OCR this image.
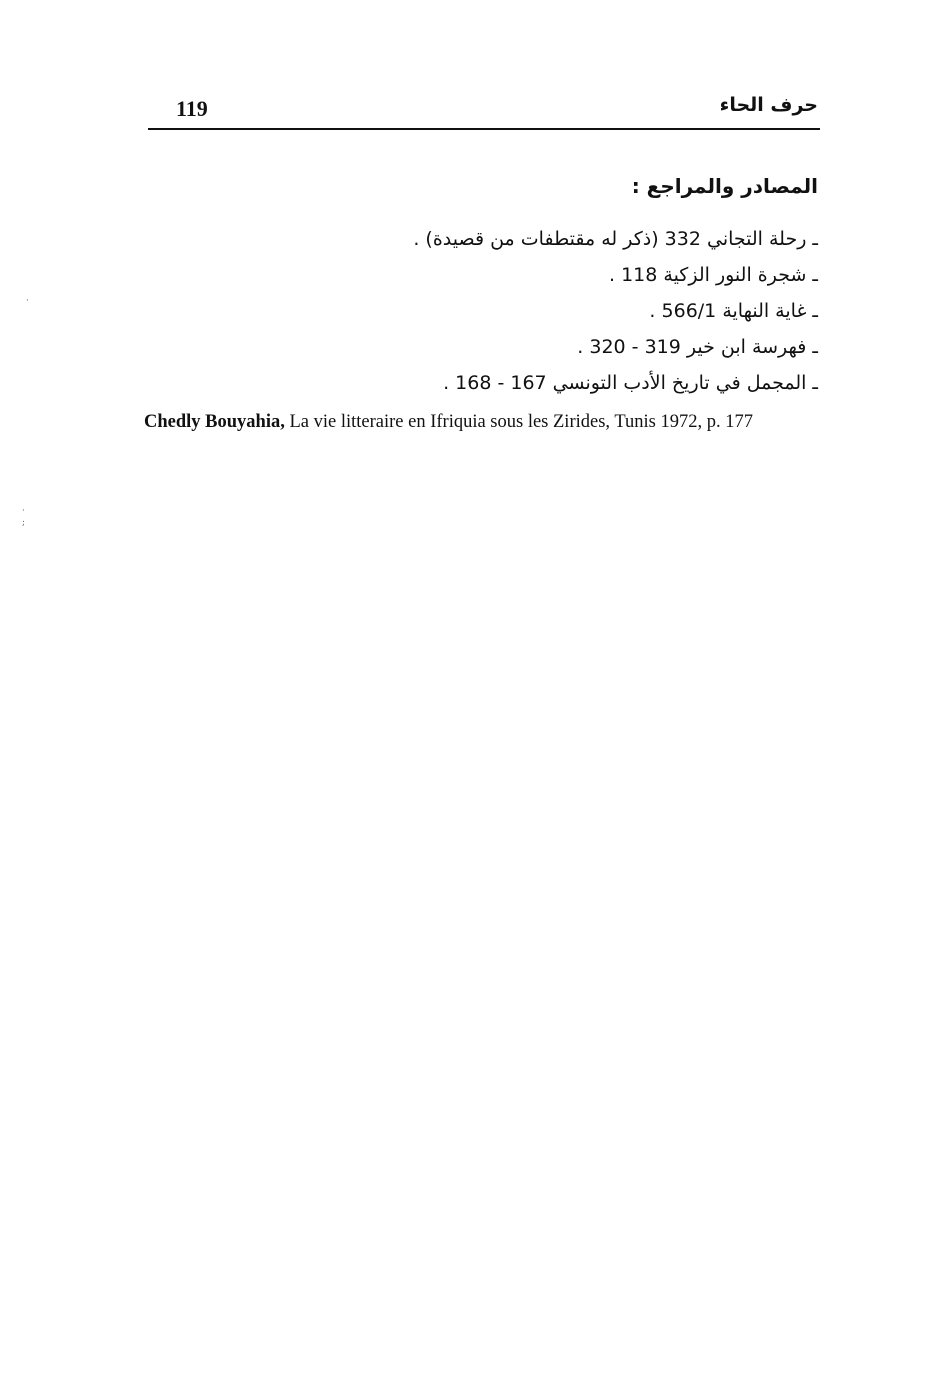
119	حرف الحاء
المصادر والمراجع :
ـ رحلة التجاني 332 (ذكر له مقتطفات من قصيدة) .
ـ شجرة النور الزكية 118 .
ـ غاية النهاية 566/1 .
ـ فهرسة ابن خير 319 - 320 .
ـ المجمل في تاريخ الأدب التونسي 167 - 168 .
Chedly Bouyahia, La vie litteraire en Ifriquia sous les Zirides, Tunis 1972, p. 177
·
·
;
